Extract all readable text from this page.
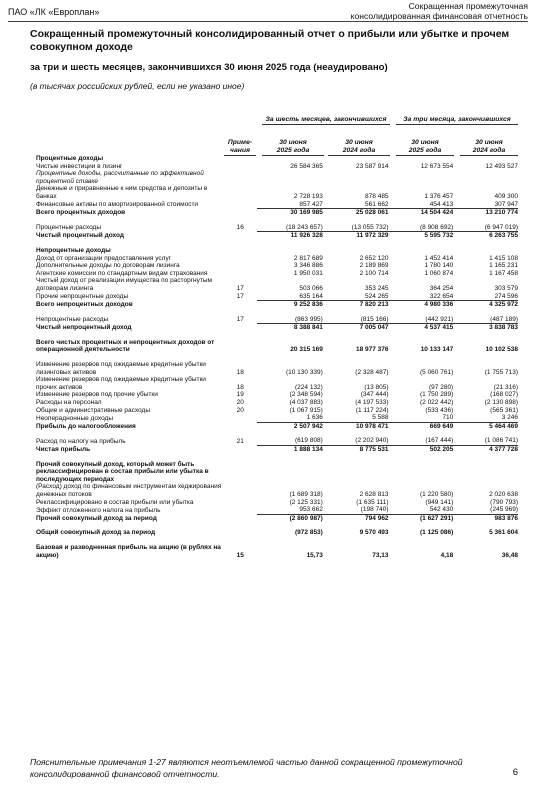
ПАО «ЛК «Европлан»
Сокращенная промежуточная
консолидированная финансовая отчетность
Сокращенный промежуточный консолидированный отчет о прибыли или убытке и прочем совокупном доходе
за три и шесть месяцев, закончившихся 30 июня 2025 года (неаудировано)
(в тысячах российских рублей, если не указано иное)
За шесть месяцев, закончившихся	За три месяца, закончившихся
Приме-
чания
30 июня
2025 года
30 июня
2024 года
30 июня
2025 года
30 июня
2024 года
Процентные доходы					
Чистые инвестиции в лизинг		26 584 365	23 587 914	12 673 554	12 493 527
Процентные доходы, рассчитанные по эффективной процентной ставке					
Денежные и приравненные к ним средства и депозиты в банках		2 728 193	878 485	1 376 457	409 300
Финансовые активы по амортизированной стоимости		857 427	561 662	454 413	307 947
Всего процентных доходов		30 169 985	25 028 061	14 504 424	13 210 774

Процентные расходы	16	(18 243 657)	(13 055 732)	(8 908 692)	(6 947 019)
Чистый процентный доход		11 926 328	11 972 329	5 595 732	6 263 755

Непроцентные доходы					
Доход от организации предоставления услуг		2 817 689	2 652 120	1 452 414	1 415 108
Дополнительные доходы по договорам лизинга		3 346 886	2 189 869	1 780 140	1 165 231
Агентские комиссии по стандартным видам страхования		1 950 031	2 100 714	1 060 874	1 167 458
Чистый доход от реализации имущества по расторгнутым договорам лизинга	17	503 066	353 245	364 254	303 579
Прочие непроцентные доходы	17	635 164	524 265	322 654	274 596
Всего непроцентных доходов		9 252 836	7 820 213	4 980 336	4 325 972

Непроцентные расходы	17	(863 995)	(815 166)	(442 921)	(487 189)
Чистый непроцентный доход		8 388 841	7 005 047	4 537 415	3 838 783

Всего чистых процентных и непроцентных доходов от операционной деятельности		20 315 169	18 977 376	10 133 147	10 102 538

Изменение резервов под ожидаемые кредитные убытки лизинговых активов	18	(10 130 339)	(2 328 487)	(5 060 761)	(1 755 713)
Изменение резервов под ожидаемые кредитные убытки прочих активов	18	(224 132)	(13 805)	(97 280)	(21 316)
Изменение резервов под прочие убытки	19	(2 348 594)	(347 444)	(1 750 289)	(168 027)
Расходы на персонал	20	(4 037 883)	(4 197 533)	(2 022 442)	(2 130 898)
Общие и административные расходы	20	(1 067 915)	(1 117 224)	(533 436)	(565 361)
Неопераднонные доходы		1 636	5 588	710	3 246
Прибыль до налогообложения		2 507 942	10 978 471	669 649	5 464 469

Расход по налогу на прибыль	21	(619 808)	(2 202 940)	(167 444)	(1 086 741)
Чистая прибыль		1 888 134	8 775 531	502 205	4 377 728

Прочий совокупный доход, который может быть реклассифицирован в состав прибыли или убытка в последующих периодах					
(Расход) доход по финансовым инструментам хеджирования денежных потоков		(1 689 318)	2 628 813	(1 220 580)	2 020 638
Реклассифицировано в состав прибыли или убытка		(2 125 331)	(1 635 111)	(949 141)	(790 793)
Эффект отложенного налога на прибыль		953 662	(198 740)	542 430	(245 969)
Прочий совокупный доход за период		(2 860 987)	794 962	(1 627 291)	983 876

Общий совокупный доход за период		(972 853)	9 570 493	(1 125 086)	5 361 604

Базовая и разводненная прибыль на акцию (в рублях на акцию)	15	15,73	73,13	4,18	36,48
Пояснительные примечания 1-27 являются неотъемлемой частью данной сокращенной промежуточной консолидированной финансовой отчетности.	6
